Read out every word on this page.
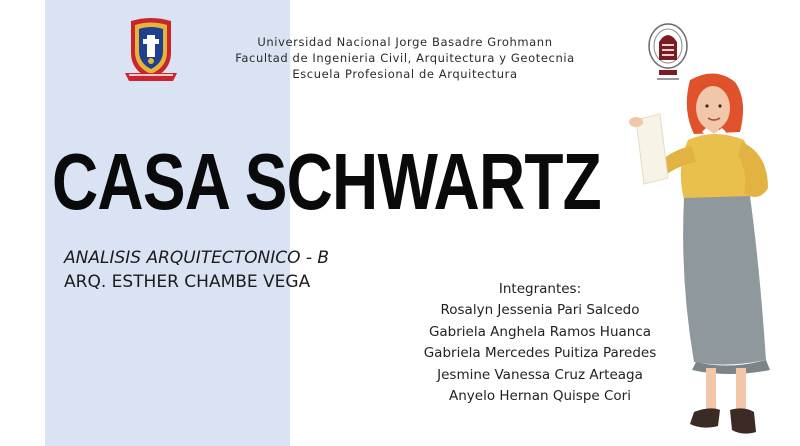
Universidad Nacional Jorge Basadre Grohmann
Facultad de Ingenieria Civil, Arquitectura y Geotecnia
Escuela Profesional de Arquitectura
CASA SCHWARTZ
ANALISIS ARQUITECTONICO - B
ARQ. ESTHER CHAMBE VEGA	Integrantes:
Rosalyn Jessenia Pari Salcedo
Gabriela Anghela Ramos Huanca
Gabriela Mercedes Puitiza Paredes
Jesmine Vanessa Cruz Arteaga
Anyelo Hernan Quispe Cori
